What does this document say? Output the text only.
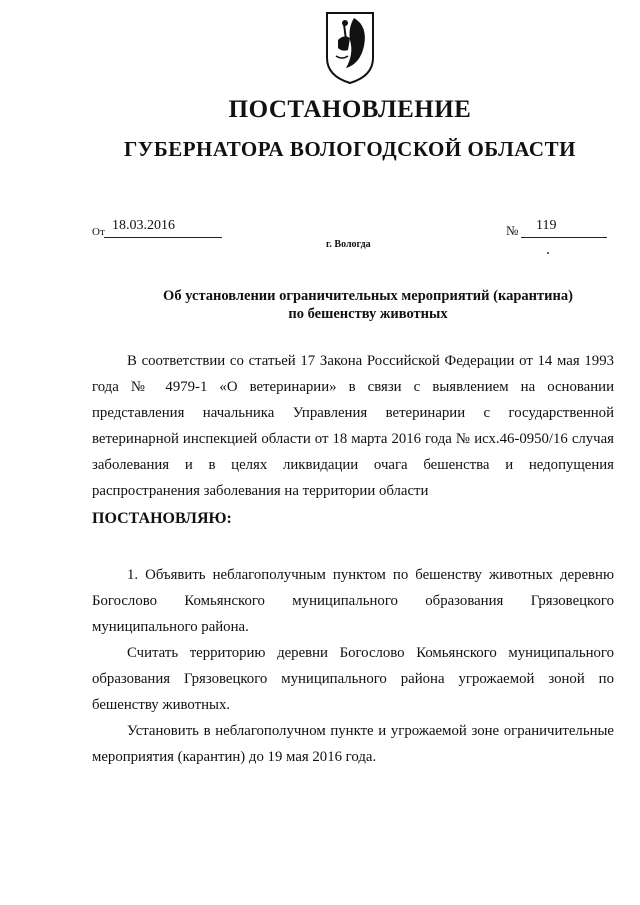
ПОСТАНОВЛЕНИЕ
ГУБЕРНАТОРА ВОЛОГОДСКОЙ ОБЛАСТИ
От 18.03.2016	№ 119
г. Вологда
Об установлении ограничительных мероприятий (карантина)
по бешенству животных

В соответствии со статьей 17 Закона Российской Федерации от 14 мая 1993 года № 4979-1 «О ветеринарии» в связи с выявлением на основании представления начальника Управления ветеринарии с государственной ветеринарной инспекцией области от 18 марта 2016 года № исх.46-0950/16 случая заболевания и в целях ликвидации очага бешенства и недопущения распространения заболевания на территории области

ПОСТАНОВЛЯЮ:

1. Объявить неблагополучным пунктом по бешенству животных деревню Богослово Комьянского муниципального образования Грязовецкого муниципального района.

Считать территорию деревни Богослово Комьянского муниципального образования Грязовецкого муниципального района угрожаемой зоной по бешенству животных.

Установить в неблагополучном пункте и угрожаемой зоне ограничительные мероприятия (карантин) до 19 мая 2016 года.
